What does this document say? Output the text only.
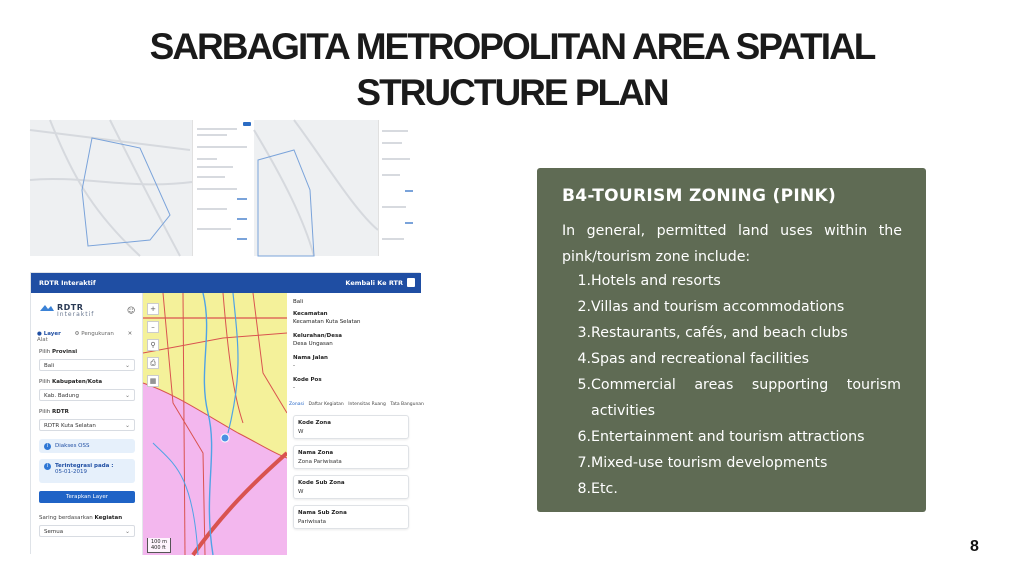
SARBAGITA METROPOLITAN AREA SPATIAL STRUCTURE PLAN
RDTR Interaktif	Kembali Ke RTR
RDTR
Interaktif	☺
● Layer	⚙ Pengukuran	✕ Alat
Pilih Provinsi
Bali	⌄
Pilih Kabupaten/Kota
Kab. Badung	⌄
Pilih RDTR
RDTR Kuta Selatan	⌄
i	Diakses OSS
i	Terintegrasi pada :
05-01-2019
Terapkan Layer
Saring berdasarkan Kegiatan
Semua	⌄
+
–
⚲
⎙
▦
100 m
400 ft
Bali
Kecamatan
Kecamatan Kuta Selatan
Kelurahan/Desa
Desa Ungasan
Nama Jalan
-
Kode Pos
-
Zonasi Daftar Kegiatan Intensitas Ruang Tata Bangunan
Kode Zona
W
Nama Zona
Zona Pariwisata
Kode Sub Zona
W
Nama Sub Zona
Pariwisata
B4-TOURISM ZONING (PINK)
In general, permitted land uses within the pink/tourism zone include:
1. Hotels and resorts
2. Villas and tourism accommodations
3. Restaurants, cafés, and beach clubs
4. Spas and recreational facilities
5. Commercial areas supporting tourism activities
6. Entertainment and tourism attractions
7. Mixed-use tourism developments
8. Etc.
8
